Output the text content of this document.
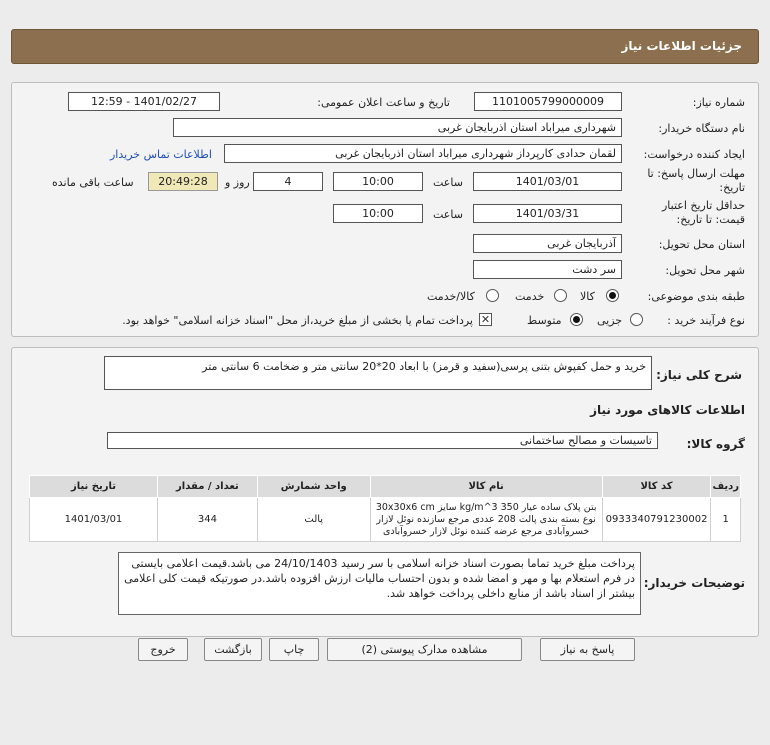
جزئیات اطلاعات نیاز
شماره نیاز:
1101005799000009
تاریخ و ساعت اعلان عمومی:
1401/02/27 - 12:59
نام دستگاه خریدار:
شهرداری میراباد استان اذربایجان غربی
ایجاد کننده درخواست:
لقمان حدادی کارپرداز شهرداری میراباد استان اذربایجان غربی
اطلاعات تماس خریدار
مهلت ارسال پاسخ: تا
تاریخ:
1401/03/01
ساعت
10:00
4
روز و
20:49:28
ساعت باقی مانده
حداقل تاریخ اعتبار
قیمت: تا تاریخ:
1401/03/31
ساعت
10:00
استان محل تحویل:
آذربایجان غربی
شهر محل تحویل:
سر دشت
طبقه بندی موضوعی:
کالا
خدمت
کالا/خدمت
نوع فرآیند خرید :
جزیی
متوسط
✕
پرداخت تمام یا بخشی از مبلغ خرید،از محل "اسناد خزانه اسلامی" خواهد بود.
شرح کلی نیاز:
خرید و حمل کفپوش بتنی پرسی(سفید و قرمز) با ابعاد 20*20 سانتی متر و ضخامت 6 سانتی متر
اطلاعات کالاهای مورد نیاز
گروه کالا:
تاسیسات و مصالح ساختمانی
ردیف	کد کالا	نام کالا	واحد شمارش	تعداد / مقدار	تاریخ نیاز
1	0933340791230002	بتن پلاک ساده عیار 350 kg/m^3 سایز 30x30x6 cm نوع بسته بندی پالت 208 عددی مرجع سازنده نوئل لازار خسروآبادی مرجع عرضه کننده نوئل لازار خسروآبادی	پالت	344	1401/03/01
توضیحات خریدار:
پرداخت مبلغ خرید تماما بصورت اسناد خزانه اسلامی با سر رسید 24/10/1403 می باشد.قیمت اعلامی بایستی در فرم استعلام بها و مهر و امضا شده و بدون احتساب مالیات ارزش افزوده باشد.در صورتیکه قیمت کلی اعلامی بیشتر از اسناد باشد از منابع داخلی پرداخت خواهد شد.
پاسخ به نیاز
مشاهده مدارک پیوستی (2)
چاپ
بازگشت
خروج
